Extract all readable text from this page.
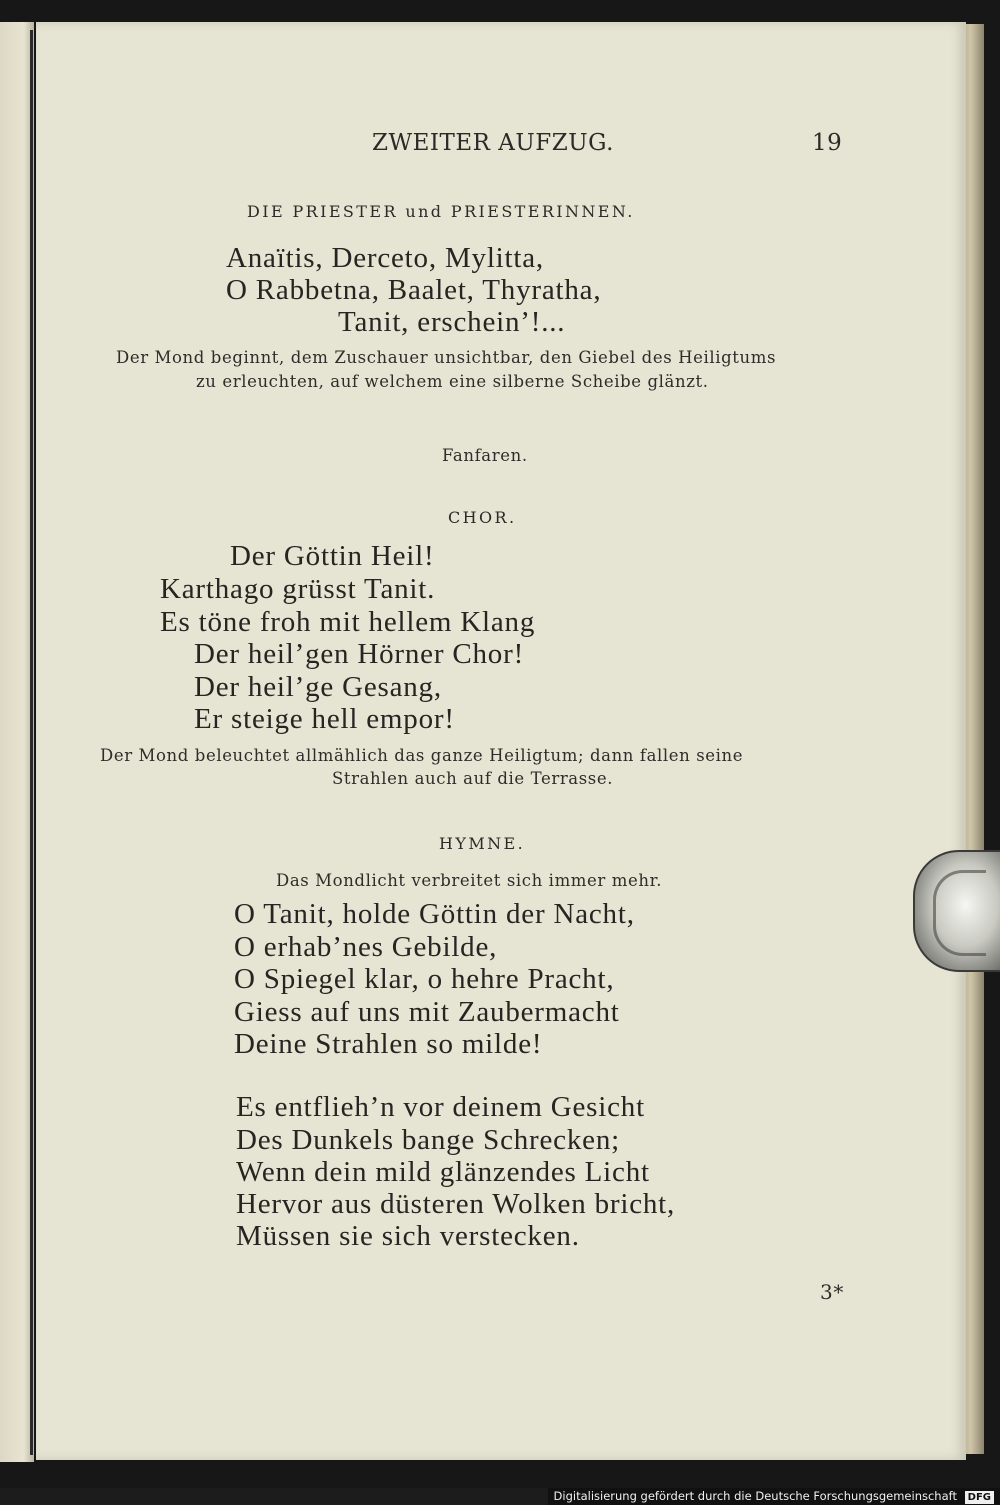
ZWEITER AUFZUG.	19
DIE PRIESTER und PRIESTERINNEN.
Anaïtis, Derceto, Mylitta,
O Rabbetna, Baalet, Thyratha,
Tanit, erschein’!...
Der Mond beginnt, dem Zuschauer unsichtbar, den Giebel des Heiligtums
zu erleuchten, auf welchem eine silberne Scheibe glänzt.
Fanfaren.
CHOR.
Der Göttin Heil!
Karthago grüsst Tanit.
Es töne froh mit hellem Klang
Der heil’gen Hörner Chor!
Der heil’ge Gesang,
Er steige hell empor!
Der Mond beleuchtet allmählich das ganze Heiligtum; dann fallen seine
Strahlen auch auf die Terrasse.
HYMNE.
Das Mondlicht verbreitet sich immer mehr.
O Tanit, holde Göttin der Nacht,
O erhab’nes Gebilde,
O Spiegel klar, o hehre Pracht,
Giess auf uns mit Zaubermacht
Deine Strahlen so milde!
Es entflieh’n vor deinem Gesicht
Des Dunkels bange Schrecken;
Wenn dein mild glänzendes Licht
Hervor aus düsteren Wolken bricht,
Müssen sie sich verstecken.
3*
Digitalisierung gefördert durch die Deutsche Forschungsgemeinschaft DFG
